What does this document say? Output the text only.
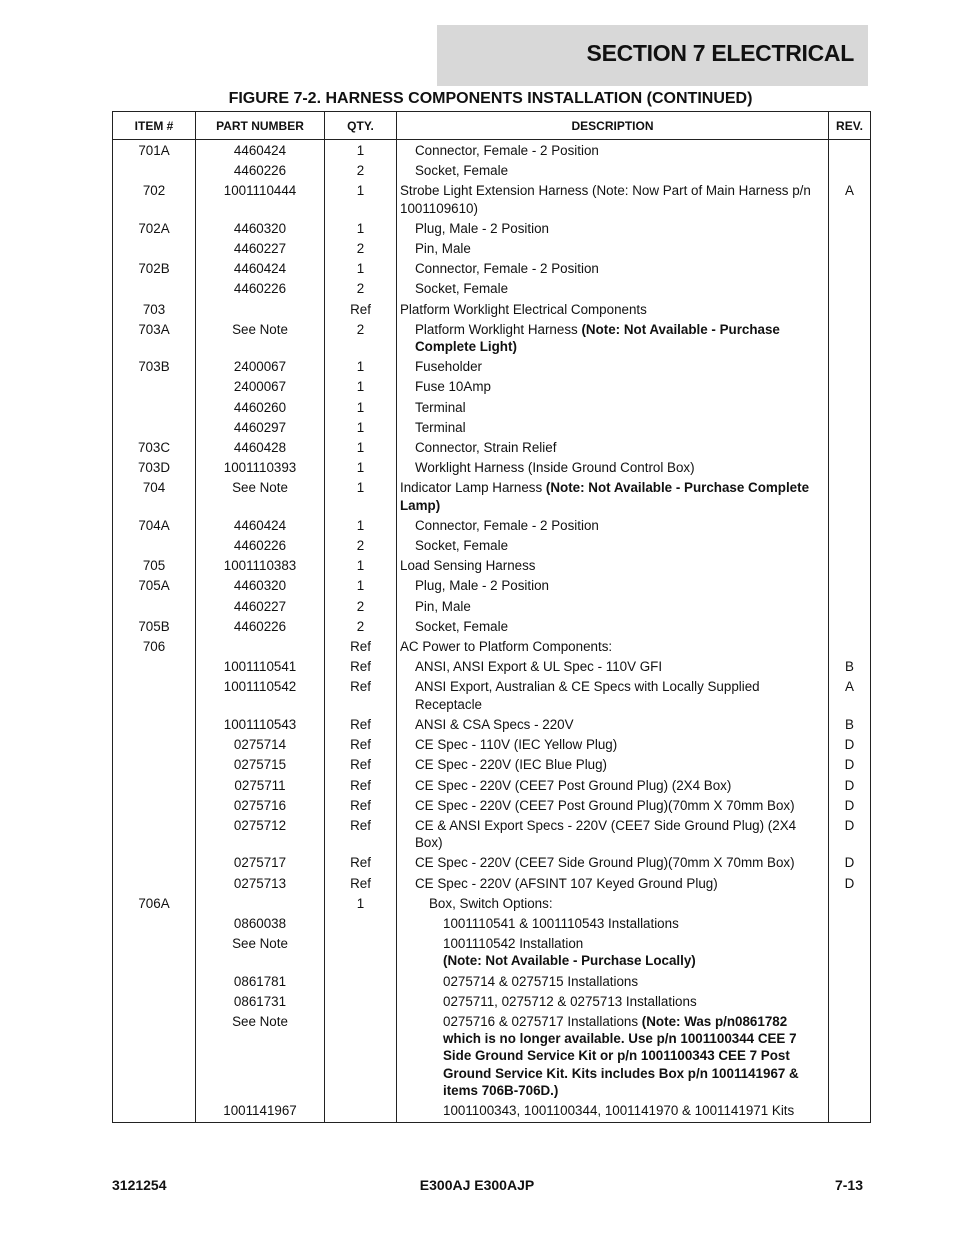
SECTION 7 ELECTRICAL
FIGURE 7-2. HARNESS COMPONENTS INSTALLATION (CONTINUED)
ITEM #	PART NUMBER	QTY.	DESCRIPTION	REV.
701A	4460424	1	Connector, Female - 2 Position	
	4460226	2	Socket, Female	
702	1001110444	1	Strobe Light Extension Harness (Note: Now Part of Main Harness p/n 1001109610)	A
702A	4460320	1	Plug, Male - 2 Position	
	4460227	2	Pin, Male	
702B	4460424	1	Connector, Female - 2 Position	
	4460226	2	Socket, Female	
703		Ref	Platform Worklight Electrical Components	
703A	See Note	2	Platform Worklight Harness (Note: Not Available - Purchase Complete Light)	
703B	2400067	1	Fuseholder	
	2400067	1	Fuse 10Amp	
	4460260	1	Terminal	
	4460297	1	Terminal	
703C	4460428	1	Connector, Strain Relief	
703D	1001110393	1	Worklight Harness (Inside Ground Control Box)	
704	See Note	1	Indicator Lamp Harness (Note: Not Available - Purchase Complete Lamp)	
704A	4460424	1	Connector, Female - 2 Position	
	4460226	2	Socket, Female	
705	1001110383	1	Load Sensing Harness	
705A	4460320	1	Plug, Male - 2 Position	
	4460227	2	Pin, Male	
705B	4460226	2	Socket, Female	
706		Ref	AC Power to Platform Components:	
	1001110541	Ref	ANSI, ANSI Export & UL Spec - 110V GFI	B
	1001110542	Ref	ANSI Export, Australian & CE Specs with Locally Supplied Receptacle	A
	1001110543	Ref	ANSI & CSA Specs - 220V	B
	0275714	Ref	CE Spec - 110V (IEC Yellow Plug)	D
	0275715	Ref	CE Spec - 220V (IEC Blue Plug)	D
	0275711	Ref	CE Spec - 220V (CEE7 Post Ground Plug) (2X4 Box)	D
	0275716	Ref	CE Spec - 220V (CEE7 Post Ground Plug)(70mm X 70mm Box)	D
	0275712	Ref	CE & ANSI Export Specs - 220V (CEE7 Side Ground Plug) (2X4 Box)	D
	0275717	Ref	CE Spec - 220V (CEE7 Side Ground Plug)(70mm X 70mm Box)	D
	0275713	Ref	CE Spec - 220V (AFSINT 107 Keyed Ground Plug)	D
706A		1	Box, Switch Options:	
	0860038		1001110541 & 1001110543 Installations	
	See Note		1001110542 Installation
(Note: Not Available - Purchase Locally)	
	0861781		0275714 & 0275715 Installations	
	0861731		0275711, 0275712 & 0275713 Installations	
	See Note		0275716 & 0275717 Installations (Note: Was p/n0861782 which is no longer available. Use p/n 1001100344 CEE 7 Side Ground Service Kit or p/n 1001100343 CEE 7 Post Ground Service Kit. Kits includes Box p/n 1001141967 & items 706B-706D.)	
	1001141967		1001100343, 1001100344, 1001141970 & 1001141971 Kits	
3121254	E300AJ E300AJP	7-13
